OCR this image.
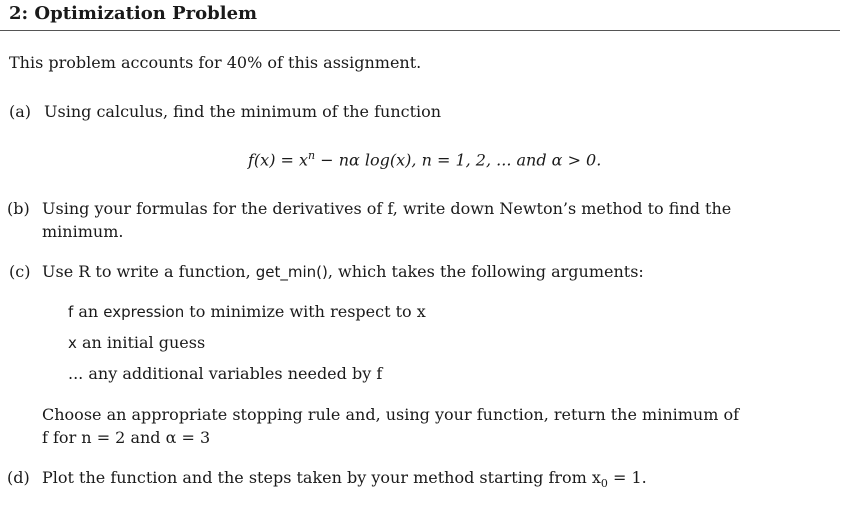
2: Optimization Problem
This problem accounts for 40% of this assignment.
(a) Using calculus, find the minimum of the function
$f(x) = x^n - n\alpha$ log(x), n = 1, 2, ... and α > 0.
(b) Using your formulas for the derivatives of f, write down Newton’s method to find the
minimum.
(c) Use R to write a function, get_min(), which takes the following arguments:
f an expression to minimize with respect to x
x an initial guess
... any additional variables needed by f
Choose an appropriate stopping rule and, using your function, return the minimum of
f for n = 2 and α = 3
(d) Plot the function and the steps taken by your method starting from $x_0 = 1$.
